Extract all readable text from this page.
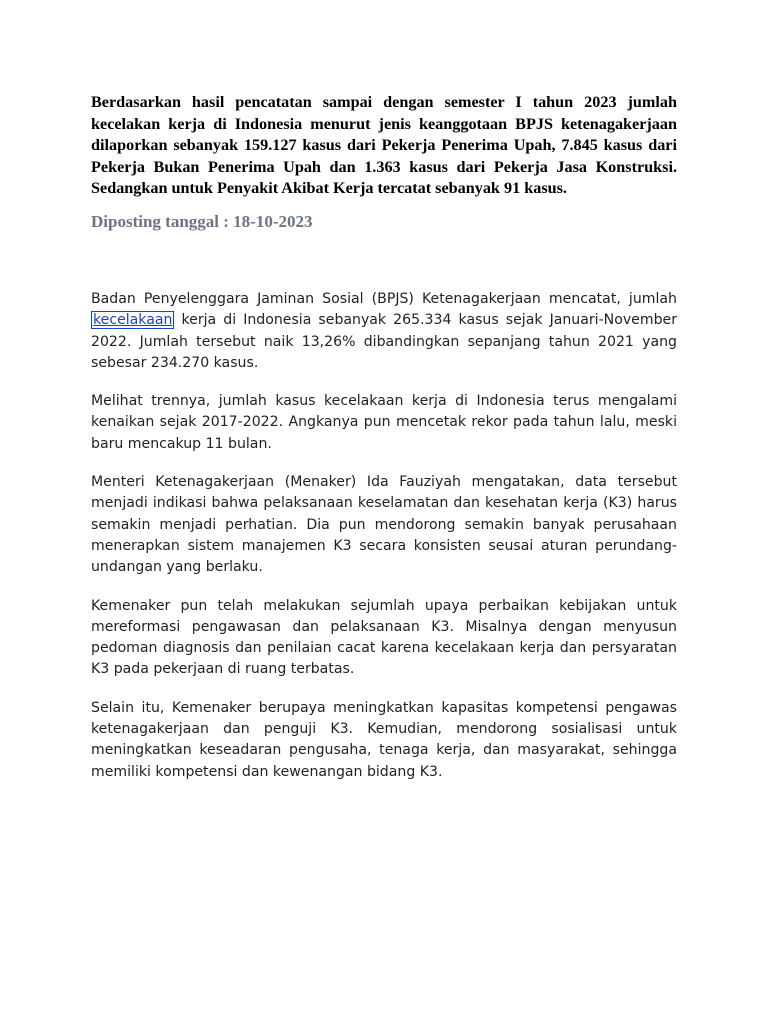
Berdasarkan hasil pencatatan sampai dengan semester I tahun 2023 jumlah kecelakan kerja di Indonesia menurut jenis keanggotaan BPJS ketenagakerjaan dilaporkan sebanyak 159.127 kasus dari Pekerja Penerima Upah, 7.845 kasus dari Pekerja Bukan Penerima Upah dan 1.363 kasus dari Pekerja Jasa Konstruksi. Sedangkan untuk Penyakit Akibat Kerja tercatat sebanyak 91 kasus.

Diposting tanggal : 18-10-2023

Badan Penyelenggara Jaminan Sosial (BPJS) Ketenagakerjaan mencatat, jumlah kecelakaan kerja di Indonesia sebanyak 265.334 kasus sejak Januari-November 2022. Jumlah tersebut naik 13,26% dibandingkan sepanjang tahun 2021 yang sebesar 234.270 kasus.

Melihat trennya, jumlah kasus kecelakaan kerja di Indonesia terus mengalami kenaikan sejak 2017-2022. Angkanya pun mencetak rekor pada tahun lalu, meski baru mencakup 11 bulan.

Menteri Ketenagakerjaan (Menaker) Ida Fauziyah mengatakan, data tersebut menjadi indikasi bahwa pelaksanaan keselamatan dan kesehatan kerja (K3) harus semakin menjadi perhatian. Dia pun mendorong semakin banyak perusahaan menerapkan sistem manajemen K3 secara konsisten seusai aturan perundang-undangan yang berlaku.

Kemenaker pun telah melakukan sejumlah upaya perbaikan kebijakan untuk mereformasi pengawasan dan pelaksanaan K3. Misalnya dengan menyusun pedoman diagnosis dan penilaian cacat karena kecelakaan kerja dan persyaratan K3 pada pekerjaan di ruang terbatas.

Selain itu, Kemenaker berupaya meningkatkan kapasitas kompetensi pengawas ketenagakerjaan dan penguji K3. Kemudian, mendorong sosialisasi untuk meningkatkan keseadaran pengusaha, tenaga kerja, dan masyarakat, sehingga memiliki kompetensi dan kewenangan bidang K3.
